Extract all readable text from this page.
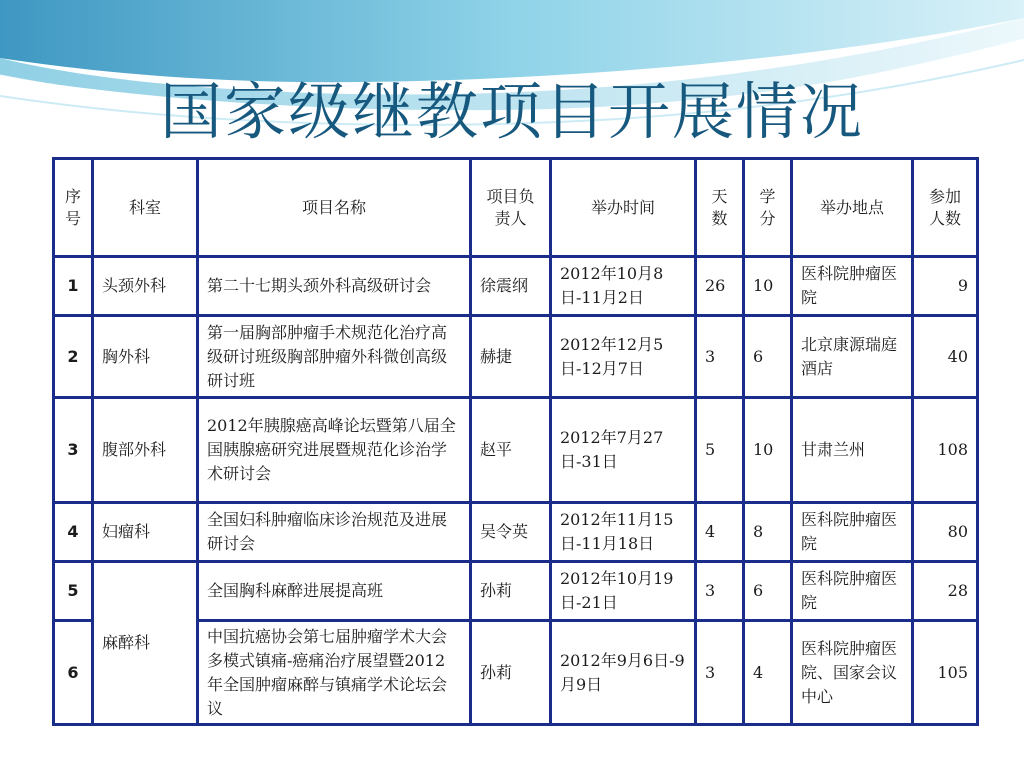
国家级继教项目开展情况
序号	科室	项目名称	项目负责人	举办时间	天数	学分	举办地点	参加人数
1	头颈外科	第二十七期头颈外科高级研讨会	徐震纲	2012年10月8日-11月2日	26	10	医科院肿瘤医院	9
2	胸外科	第一届胸部肿瘤手术规范化治疗高级研讨班级胸部肿瘤外科微创高级研讨班	赫捷	2012年12月5日-12月7日	3	6	北京康源瑞庭酒店	40
3	腹部外科	2012年胰腺癌高峰论坛暨第八届全国胰腺癌研究进展暨规范化诊治学术研讨会	赵平	2012年7月27日-31日	5	10	甘肃兰州	108
4	妇瘤科	全国妇科肿瘤临床诊治规范及进展研讨会	吴令英	2012年11月15日-11月18日	4	8	医科院肿瘤医院	80
5	麻醉科	全国胸科麻醉进展提高班	孙莉	2012年10月19日-21日	3	6	医科院肿瘤医院	28
6		中国抗癌协会第七届肿瘤学术大会多模式镇痛-癌痛治疗展望暨2012年全国肿瘤麻醉与镇痛学术论坛会议	孙莉	2012年9月6日-9月9日	3	4	医科院肿瘤医院、国家会议中心	105
